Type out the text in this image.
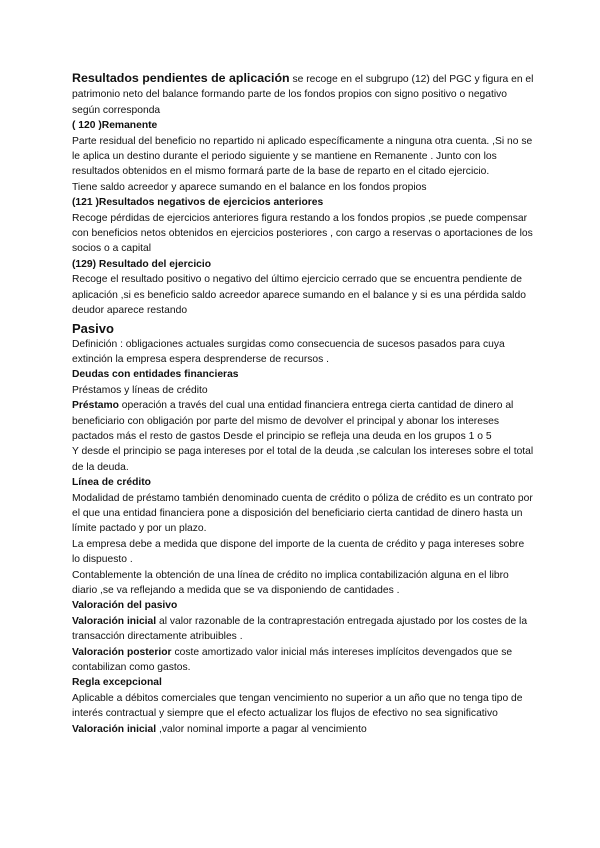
Resultados pendientes de aplicación se recoge en el subgrupo (12) del PGC y figura en el patrimonio neto del balance formando parte de los fondos propios con signo positivo o negativo según corresponda

( 120 )Remanente

Parte residual del beneficio no repartido ni aplicado específicamente a ninguna otra cuenta. ,Si no se le aplica un destino durante el periodo siguiente y se mantiene en Remanente . Junto con los resultados obtenidos en el mismo formará parte de la base de reparto en el citado ejercicio.

Tiene saldo acreedor y aparece sumando en el balance en los fondos propios

(121 )Resultados negativos de ejercicios anteriores

Recoge pérdidas de ejercicios anteriores figura restando a los fondos propios ,se puede compensar con beneficios netos obtenidos en ejercicios posteriores , con cargo a reservas o aportaciones de los socios o a capital

(129) Resultado del ejercicio

Recoge el resultado positivo o negativo del último ejercicio cerrado que se encuentra pendiente de aplicación ,si es beneficio saldo acreedor aparece sumando en el balance y si es una pérdida saldo deudor aparece restando

Pasivo

Definición : obligaciones actuales surgidas como consecuencia de sucesos pasados para cuya extinción la empresa espera desprenderse de recursos .

Deudas con entidades financieras

Préstamos y líneas de crédito

Préstamo operación a través del cual una entidad financiera entrega cierta cantidad de dinero al beneficiario con obligación por parte del mismo de devolver el principal y abonar los intereses pactados más el resto de gastos Desde el principio se refleja una deuda en los grupos 1 o 5

Y desde el principio se paga intereses por el total de la deuda ,se calculan los intereses sobre el total de la deuda.

Línea de crédito

Modalidad de préstamo también denominado cuenta de crédito o póliza de crédito es un contrato por el que una entidad financiera pone a disposición del beneficiario cierta cantidad de dinero hasta un límite pactado y por un plazo.

La empresa debe a medida que dispone del importe de la cuenta de crédito y paga intereses sobre lo dispuesto .

Contablemente la obtención de una línea de crédito no implica contabilización alguna en el libro diario ,se va reflejando a medida que se va disponiendo de cantidades .

Valoración del pasivo

Valoración inicial al valor razonable de la contraprestación entregada ajustado por los costes de la transacción directamente atribuibles .

Valoración posterior coste amortizado valor inicial más intereses implícitos devengados que se contabilizan como gastos.

Regla excepcional

Aplicable a débitos comerciales que tengan vencimiento no superior a un año que no tenga tipo de interés contractual y siempre que el efecto actualizar los flujos de efectivo no sea significativo

Valoración inicial ,valor nominal importe a pagar al vencimiento
